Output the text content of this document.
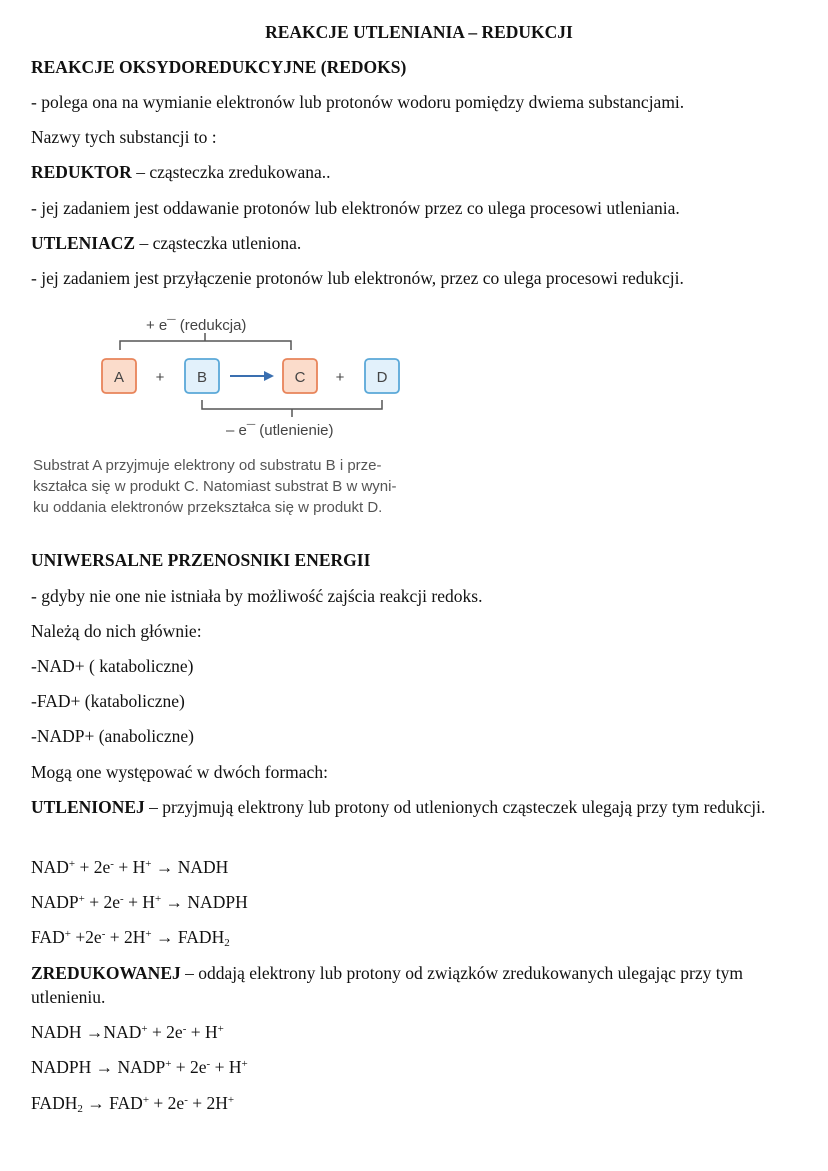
REAKCJE UTLENIANIA – REDUKCJI
REAKCJE OKSYDOREDUKCYJNE (REDOKS)
- polega ona na wymianie elektronów lub protonów wodoru pomiędzy dwiema substancjami.
Nazwy tych substancji to :
REDUKTOR – cząsteczka zredukowana..
- jej zadaniem jest oddawanie protonów lub elektronów przez co ulega procesowi utleniania.
UTLENIACZ – cząsteczka utleniona.
- jej zadaniem jest przyłączenie protonów lub elektronów, przez co ulega procesowi redukcji.
+ e¯ (redukcja)
A + B	C + D
– e¯ (utlenienie)
Substrat A przyjmuje elektrony od substratu B i prze-
kształca się w produkt C. Natomiast substrat B w wyni-
ku oddania elektronów przekształca się w produkt D.
UNIWERSALNE PRZENOSNIKI ENERGII
- gdyby nie one nie istniała by możliwość zajścia reakcji redoks.
Należą do nich głównie:
-NAD+ ( kataboliczne)
-FAD+ (kataboliczne)
-NADP+ (anaboliczne)
Mogą one występować w dwóch formach:
UTLENIONEJ – przyjmują elektrony lub protony od utlenionych cząsteczek ulegają przy tym redukcji.
NAD+ + 2e- + H+ → NADH
NADP+ + 2e- + H+ → NADPH
$FAD^+ +2e^- + 2H^+ \to FADH_2$
ZREDUKOWANEJ – oddają elektrony lub protony od związków zredukowanych ulegając przy tym utlenieniu.
NADH →NAD+ + 2e- + H+
NADPH → NADP+ + 2e- + H+
$FADH_2 \to FAD^+ + 2e^- + 2H^+$
